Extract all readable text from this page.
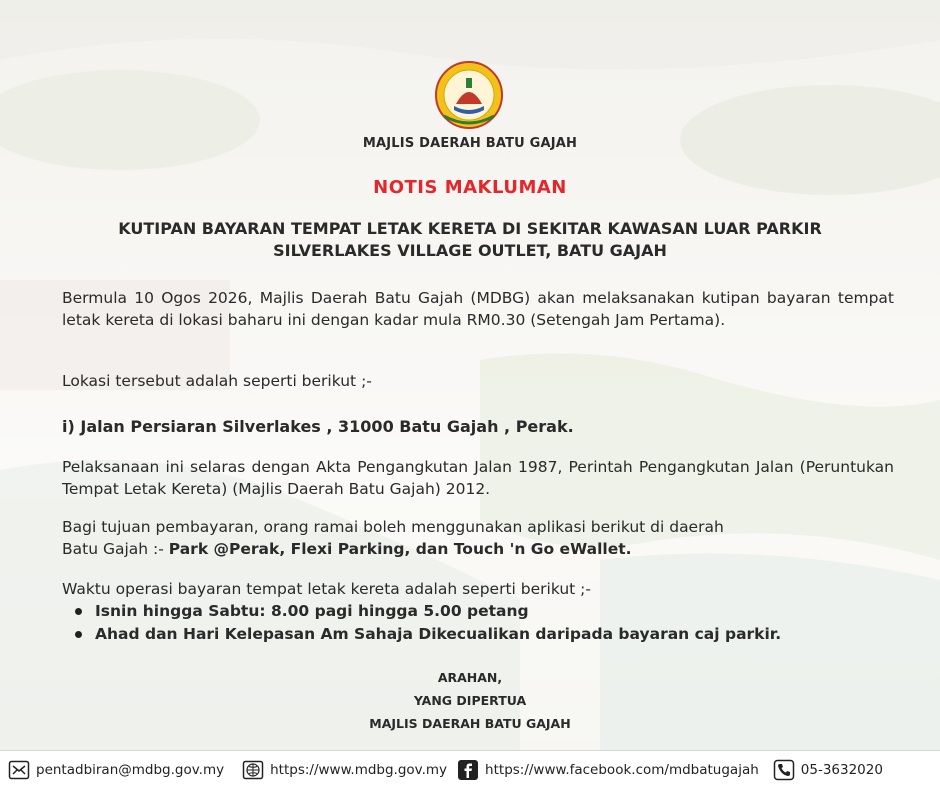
MAJLIS DAERAH BATU GAJAH
NOTIS MAKLUMAN
KUTIPAN BAYARAN TEMPAT LETAK KERETA DI SEKITAR KAWASAN LUAR PARKIR
SILVERLAKES VILLAGE OUTLET, BATU GAJAH
Bermula 10 Ogos 2026, Majlis Daerah Batu Gajah (MDBG) akan melaksanakan kutipan bayaran tempat letak kereta di lokasi baharu ini dengan kadar mula RM0.30 (Setengah Jam Pertama).
Lokasi tersebut adalah seperti berikut ;-
i) Jalan Persiaran Silverlakes , 31000 Batu Gajah , Perak.
Pelaksanaan ini selaras dengan Akta Pengangkutan Jalan 1987, Perintah Pengangkutan Jalan (Peruntukan Tempat Letak Kereta) (Majlis Daerah Batu Gajah) 2012.
Bagi tujuan pembayaran, orang ramai boleh menggunakan aplikasi berikut di daerah
Batu Gajah :- Park @Perak, Flexi Parking, dan Touch 'n Go eWallet.
Waktu operasi bayaran tempat letak kereta adalah seperti berikut ;-
Isnin hingga Sabtu: 8.00 pagi hingga 5.00 petang
Ahad dan Hari Kelepasan Am Sahaja Dikecualikan daripada bayaran caj parkir.
ARAHAN,
YANG DIPERTUA
MAJLIS DAERAH BATU GAJAH
pentadbiran@mdbg.gov.my	https://www.mdbg.gov.my	https://www.facebook.com/mdbatugajah	05-3632020
